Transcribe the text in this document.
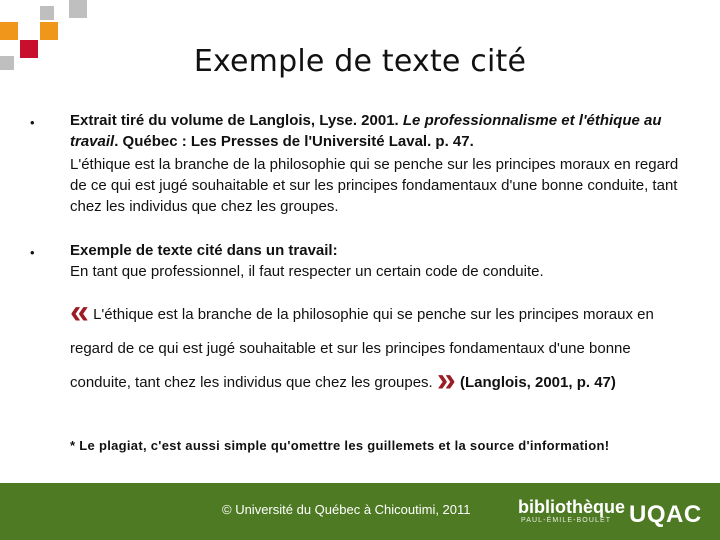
Exemple de texte cité
• Extrait tiré du volume de Langlois, Lyse. 2001. Le professionnalisme et l'éthique au travail. Québec : Les Presses de l'Université Laval. p. 47.
L'éthique est la branche de la philosophie qui se penche sur les principes moraux en regard de ce qui est jugé souhaitable et sur les principes fondamentaux d'une bonne conduite, tant chez les individus que chez les groupes.
• Exemple de texte cité dans un travail:
En tant que professionnel, il faut respecter un certain code de conduite.
« L'éthique est la branche de la philosophie qui se penche sur les principes moraux en regard de ce qui est jugé souhaitable et sur les principes fondamentaux d'une bonne conduite, tant chez les individus que chez les groupes. » (Langlois, 2001, p. 47)
* Le plagiat, c'est aussi simple qu'omettre les guillemets et la source d'information!
© Université du Québec à Chicoutimi, 2011	bibliothèque
PAUL-ÉMILE-BOULET UQAC
